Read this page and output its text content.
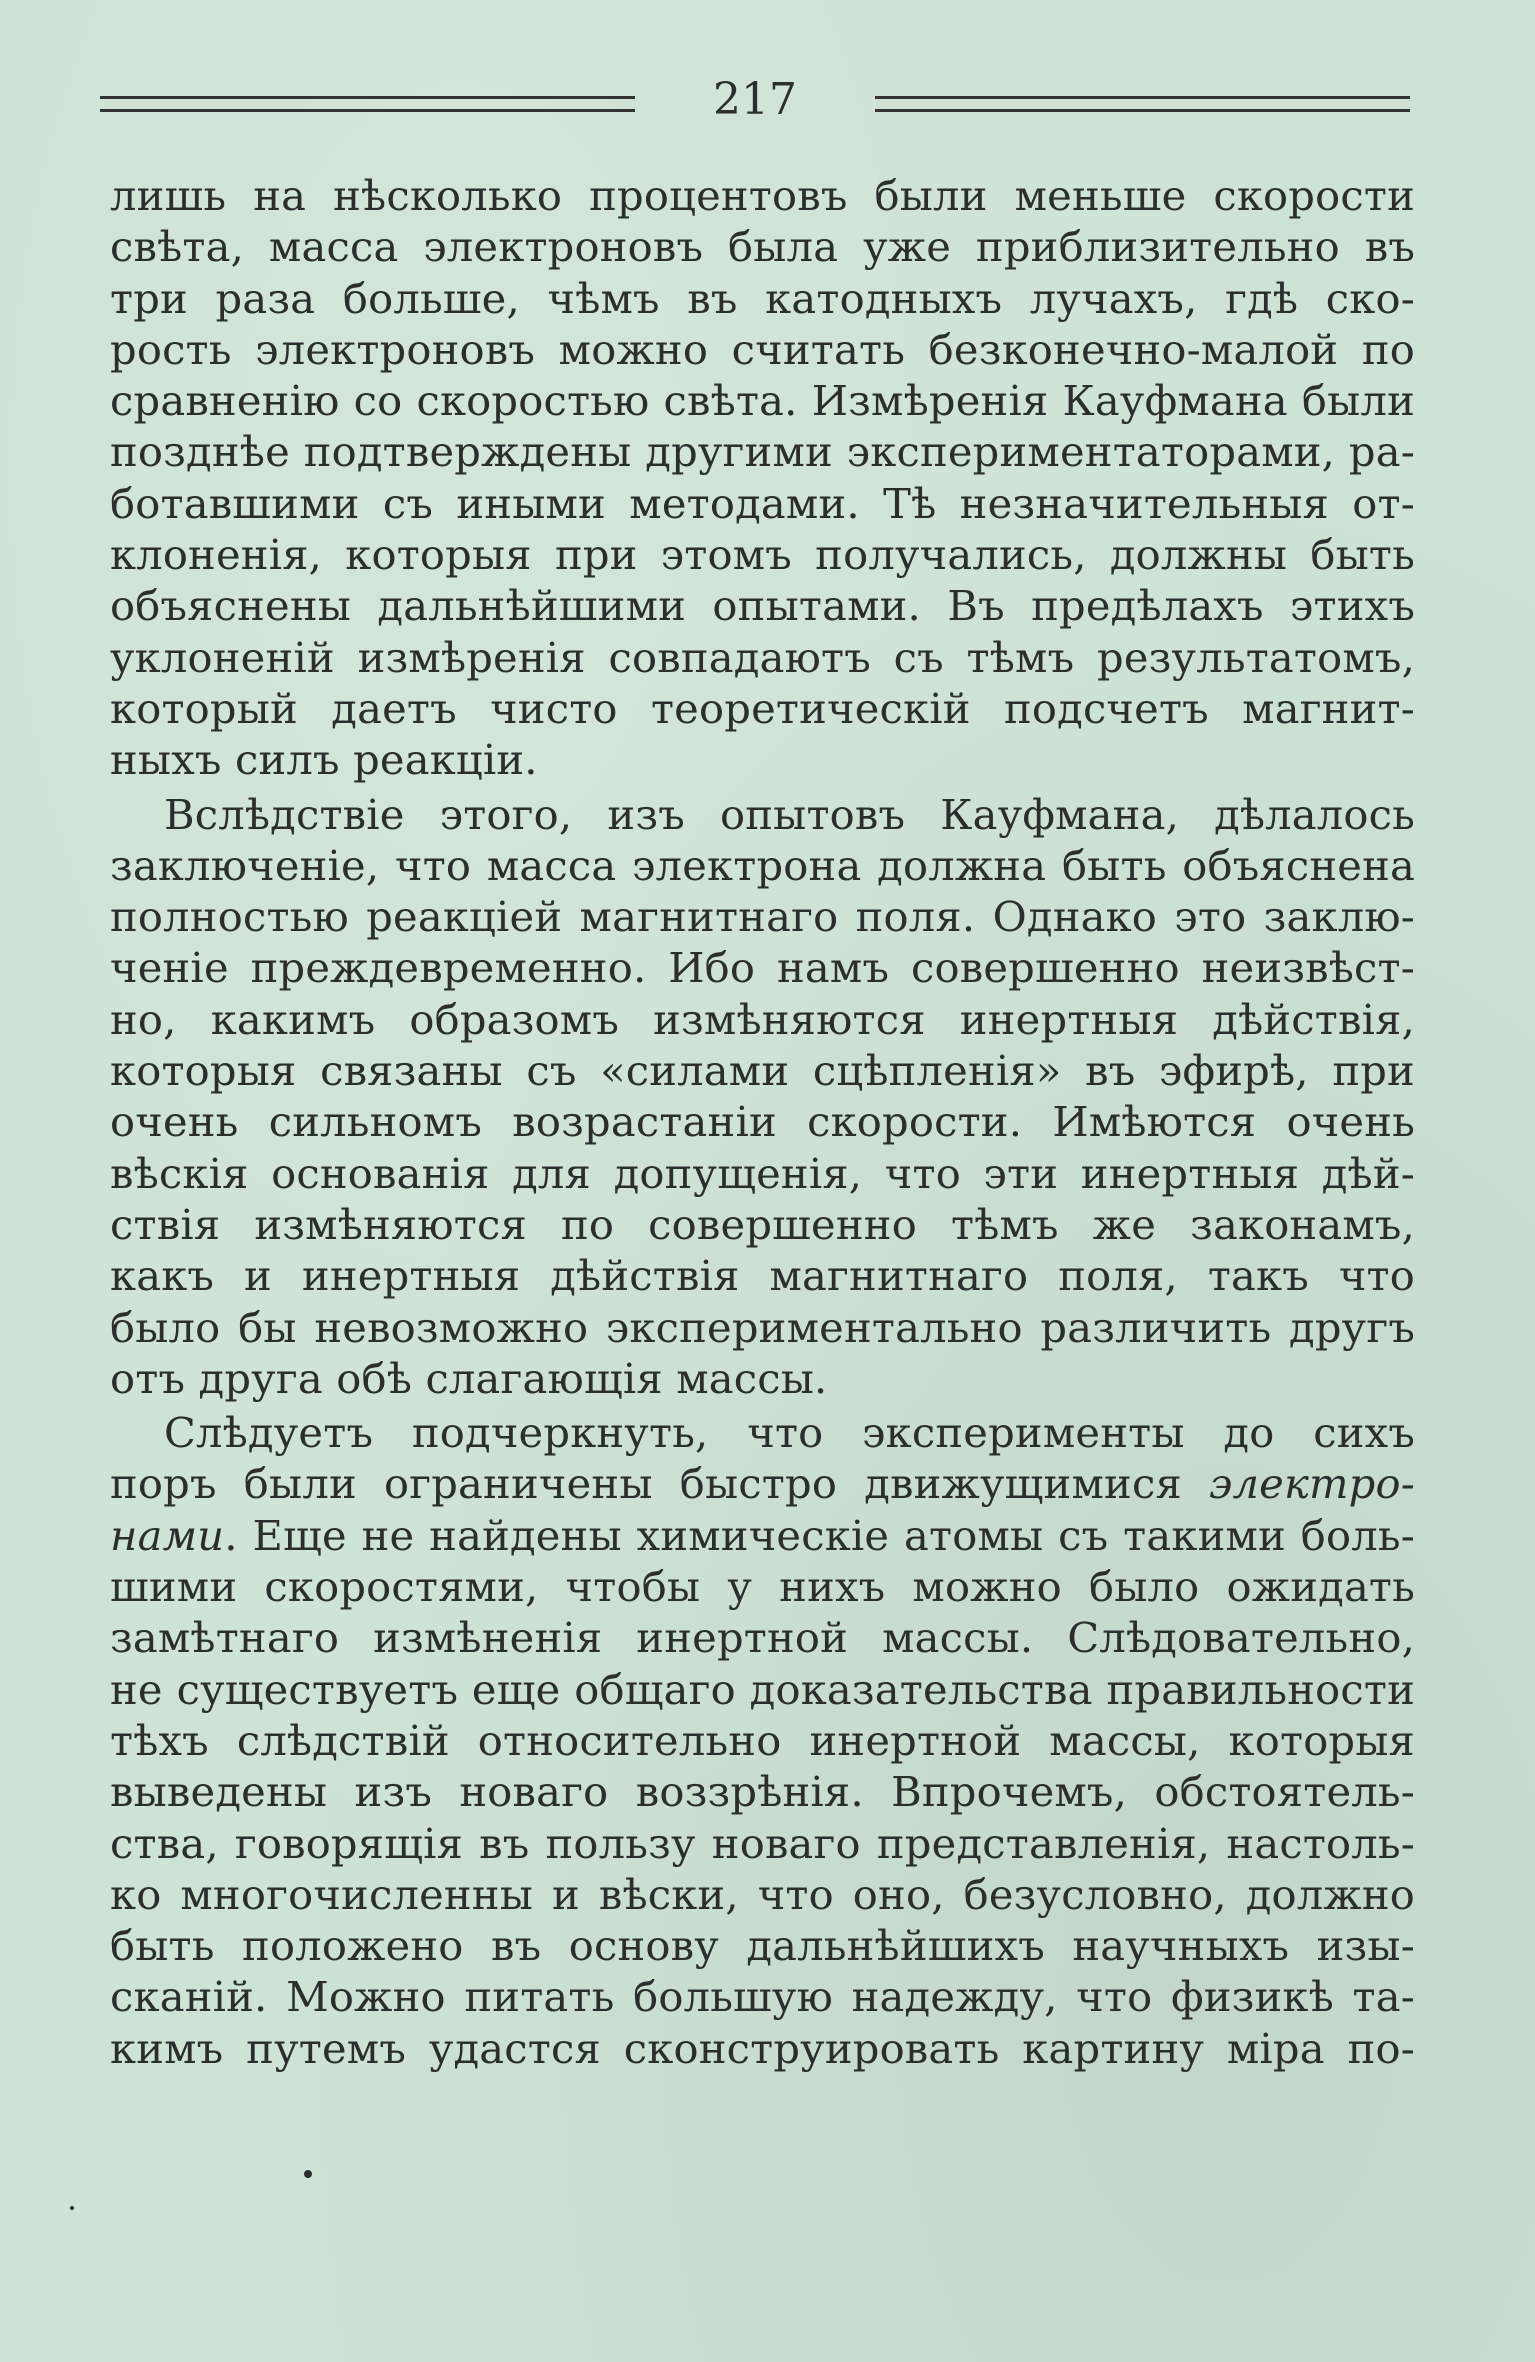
217
лишь на нѣсколько процентовъ были меньше скорости
свѣта, масса электроновъ была уже приблизительно въ
три раза больше, чѣмъ въ катодныхъ лучахъ, гдѣ ско-
рость электроновъ можно считать безконечно-малой по
сравненію со скоростью свѣта. Измѣренія Кауфмана были
позднѣе подтверждены другими экспериментаторами, ра-
ботавшими съ иными методами. Тѣ незначительныя от-
клоненія, которыя при этомъ получались, должны быть
объяснены дальнѣйшими опытами. Въ предѣлахъ этихъ
уклоненій измѣренія совпадаютъ съ тѣмъ результатомъ,
который даетъ чисто теоретическій подсчетъ магнит-
ныхъ силъ реакціи.
Вслѣдствіе этого, изъ опытовъ Кауфмана, дѣлалось
заключеніе, что масса электрона должна быть объяснена
полностью реакціей магнитнаго поля. Однако это заклю-
ченіе преждевременно. Ибо намъ совершенно неизвѣст-
но, какимъ образомъ измѣняются инертныя дѣйствія,
которыя связаны съ «силами сцѣпленія» въ эфирѣ, при
очень сильномъ возрастаніи скорости. Имѣются очень
вѣскія основанія для допущенія, что эти инертныя дѣй-
ствія измѣняются по совершенно тѣмъ же законамъ,
какъ и инертныя дѣйствія магнитнаго поля, такъ что
было бы невозможно экспериментально различить другъ
отъ друга обѣ слагающія массы.
Слѣдуетъ подчеркнуть, что эксперименты до сихъ
поръ были ограничены быстро движущимися электро-
нами. Еще не найдены химическіе атомы съ такими боль-
шими скоростями, чтобы у нихъ можно было ожидать
замѣтнаго измѣненія инертной массы. Слѣдовательно,
не существуетъ еще общаго доказательства правильности
тѣхъ слѣдствій относительно инертной массы, которыя
выведены изъ новаго воззрѣнія. Впрочемъ, обстоятель-
ства, говорящія въ пользу новаго представленія, настоль-
ко многочисленны и вѣски, что оно, безусловно, должно
быть положено въ основу дальнѣйшихъ научныхъ изы-
сканій. Можно питать большую надежду, что физикѣ та-
кимъ путемъ удастся сконструировать картину міра по-
